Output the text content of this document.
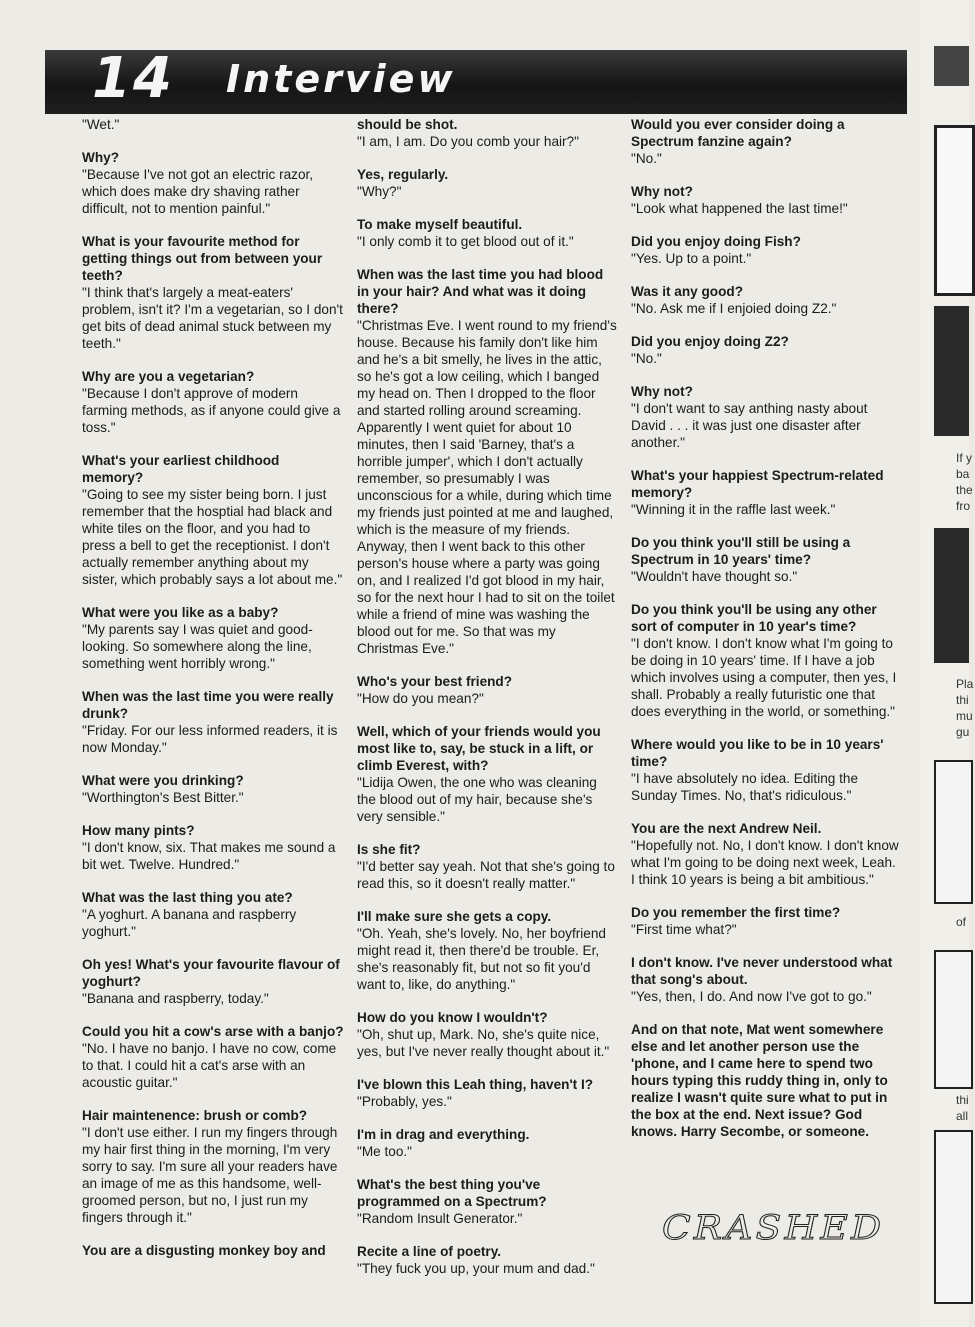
If y
ba
the
fro
Pla
thi
mu
gu
of
thi
all
14 Interview

"Wet."

Why?

"Because I've not got an electric razor, which does make dry shaving rather difficult, not to mention painful."

What is your favourite method for getting things out from between your teeth?

"I think that's largely a meat-eaters' problem, isn't it? I'm a vegetarian, so I don't get bits of dead animal stuck between my teeth."

Why are you a vegetarian?

"Because I don't approve of modern farming methods, as if anyone could give a toss."

What's your earliest childhood memory?

"Going to see my sister being born. I just remember that the hosptial had black and white tiles on the floor, and you had to press a bell to get the receptionist. I don't actually remember anything about my sister, which probably says a lot about me."

What were you like as a baby?

"My parents say I was quiet and good-looking. So somewhere along the line, something went horribly wrong."

When was the last time you were really drunk?

"Friday. For our less informed readers, it is now Monday."

What were you drinking?

"Worthington's Best Bitter."

How many pints?

"I don't know, six. That makes me sound a bit wet. Twelve. Hundred."

What was the last thing you ate?

"A yoghurt. A banana and raspberry yoghurt."

Oh yes! What's your favourite flavour of yoghurt?

"Banana and raspberry, today."

Could you hit a cow's arse with a banjo?

"No. I have no banjo. I have no cow, come to that. I could hit a cat's arse with an acoustic guitar."

Hair maintenence: brush or comb?

"I don't use either. I run my fingers through my hair first thing in the morning, I'm very sorry to say. I'm sure all your readers have an image of me as this handsome, well-groomed person, but no, I just run my fingers through it."

You are a disgusting monkey boy and

should be shot.

"I am, I am. Do you comb your hair?"

Yes, regularly.

"Why?"

To make myself beautiful.

"I only comb it to get blood out of it."

When was the last time you had blood in your hair? And what was it doing there?

"Christmas Eve. I went round to my friend's house. Because his family don't like him and he's a bit smelly, he lives in the attic, so he's got a low ceiling, which I banged my head on. Then I dropped to the floor and started rolling around screaming. Apparently I went quiet for about 10 minutes, then I said 'Barney, that's a horrible jumper', which I don't actually remember, so presumably I was unconscious for a while, during which time my friends just pointed at me and laughed, which is the measure of my friends. Anyway, then I went back to this other person's house where a party was going on, and I realized I'd got blood in my hair, so for the next hour I had to sit on the toilet while a friend of mine was washing the blood out for me. So that was my Christmas Eve."

Who's your best friend?

"How do you mean?"

Well, which of your friends would you most like to, say, be stuck in a lift, or climb Everest, with?

"Lidija Owen, the one who was cleaning the blood out of my hair, because she's very sensible."

Is she fit?

"I'd better say yeah. Not that she's going to read this, so it doesn't really matter."

I'll make sure she gets a copy.

"Oh. Yeah, she's lovely. No, her boyfriend might read it, then there'd be trouble. Er, she's reasonably fit, but not so fit you'd want to, like, do anything."

How do you know I wouldn't?

"Oh, shut up, Mark. No, she's quite nice, yes, but I've never really thought about it."

I've blown this Leah thing, haven't I?

"Probably, yes."

I'm in drag and everything.

"Me too."

What's the best thing you've programmed on a Spectrum?

"Random Insult Generator."

Recite a line of poetry.

"They fuck you up, your mum and dad."

Would you ever consider doing a Spectrum fanzine again?

"No."

Why not?

"Look what happened the last time!"

Did you enjoy doing Fish?

"Yes. Up to a point."

Was it any good?

"No. Ask me if I enjoied doing Z2."

Did you enjoy doing Z2?

"No."

Why not?

"I don't want to say anthing nasty about David . . . it was just one disaster after another."

What's your happiest Spectrum-related memory?

"Winning it in the raffle last week."

Do you think you'll still be using a Spectrum in 10 years' time?

"Wouldn't have thought so."

Do you think you'll be using any other sort of computer in 10 year's time?

"I don't know. I don't know what I'm going to be doing in 10 years' time. If I have a job which involves using a computer, then yes, I shall. Probably a really futuristic one that does everything in the world, or something."

Where would you like to be in 10 years' time?

"I have absolutely no idea. Editing the Sunday Times. No, that's ridiculous."

You are the next Andrew Neil.

"Hopefully not. No, I don't know. I don't know what I'm going to be doing next week, Leah. I think 10 years is being a bit ambitious."

Do you remember the first time?

"First time what?"

I don't know. I've never understood what that song's about.

"Yes, then, I do. And now I've got to go."

And on that note, Mat went somewhere else and let another person use the 'phone, and I came here to spend two hours typing this ruddy thing in, only to realize I wasn't quite sure what to put in the box at the end. Next issue? God knows. Harry Secombe, or someone.

CRASHED
